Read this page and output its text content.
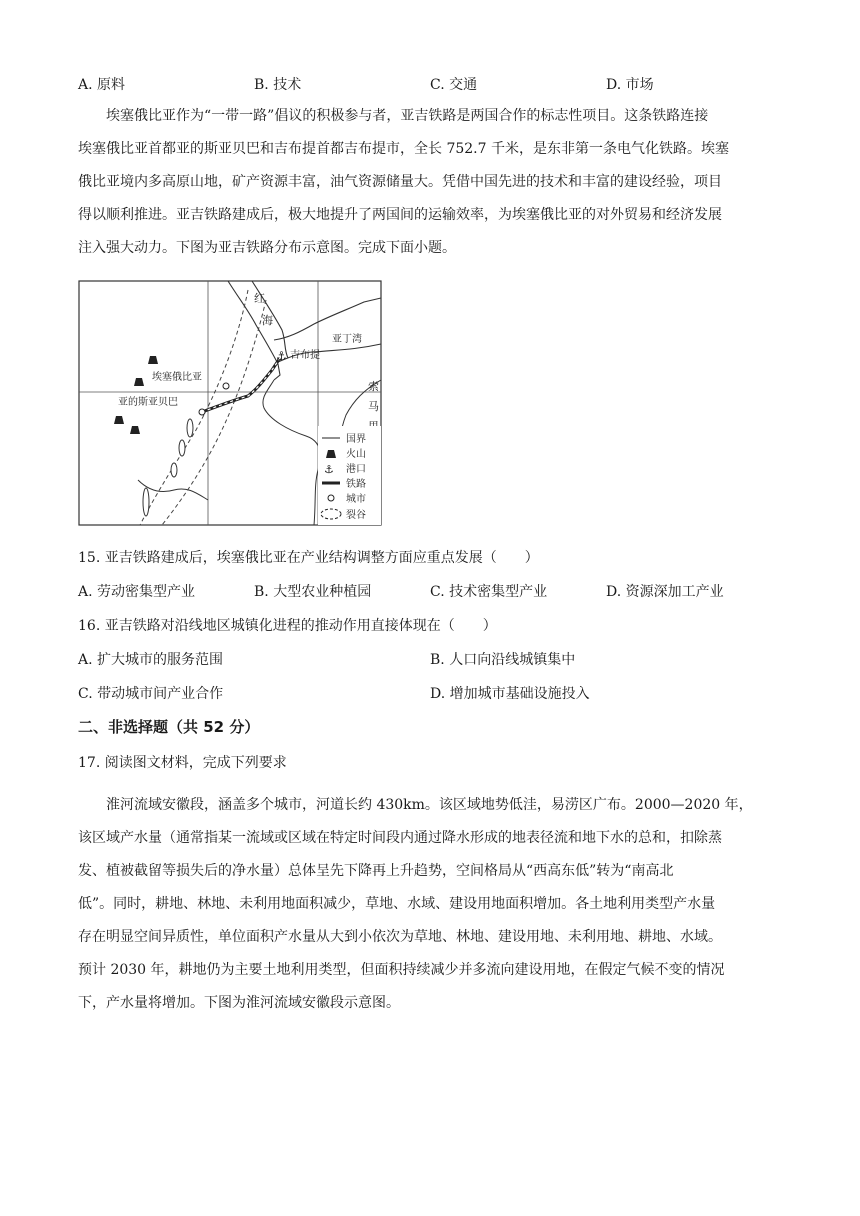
A. 原料	B. 技术	C. 交通	D. 市场
埃塞俄比亚作为“一带一路”倡议的积极参与者，亚吉铁路是两国合作的标志性项目。这条铁路连接
埃塞俄比亚首都亚的斯亚贝巴和吉布提首都吉布提市，全长 752.7 千米，是东非第一条电气化铁路。埃塞
俄比亚境内多高原山地，矿产资源丰富，油气资源储量大。凭借中国先进的技术和丰富的建设经验，项目
得以顺利推进。亚吉铁路建成后，极大地提升了两国间的运输效率，为埃塞俄比亚的对外贸易和经济发展
注入强大动力。下图为亚吉铁路分布示意图。完成下面小题。
⚓
红
海
亚丁湾
吉布提
埃塞俄比亚
亚的斯亚贝巴
索
马
国界
火山
⚓ 港口
铁路
城市
裂谷
15. 亚吉铁路建成后，埃塞俄比亚在产业结构调整方面应重点发展（　　）
A. 劳动密集型产业	B. 大型农业种植园	C. 技术密集型产业	D. 资源深加工产业
16. 亚吉铁路对沿线地区城镇化进程的推动作用直接体现在（　　）
A. 扩大城市的服务范围	B. 人口向沿线城镇集中
C. 带动城市间产业合作	D. 增加城市基础设施投入
二、非选择题（共 52 分）
17. 阅读图文材料，完成下列要求
淮河流域安徽段，涵盖多个城市，河道长约 430km。该区域地势低洼，易涝区广布。2000—2020 年，
该区域产水量（通常指某一流域或区域在特定时间段内通过降水形成的地表径流和地下水的总和，扣除蒸
发、植被截留等损失后的净水量）总体呈先下降再上升趋势，空间格局从“西高东低”转为“南高北
低”。同时，耕地、林地、未利用地面积减少，草地、水域、建设用地面积增加。各土地利用类型产水量
存在明显空间异质性，单位面积产水量从大到小依次为草地、林地、建设用地、未利用地、耕地、水域。
预计 2030 年，耕地仍为主要土地利用类型，但面积持续减少并多流向建设用地，在假定气候不变的情况
下，产水量将增加。下图为淮河流域安徽段示意图。
